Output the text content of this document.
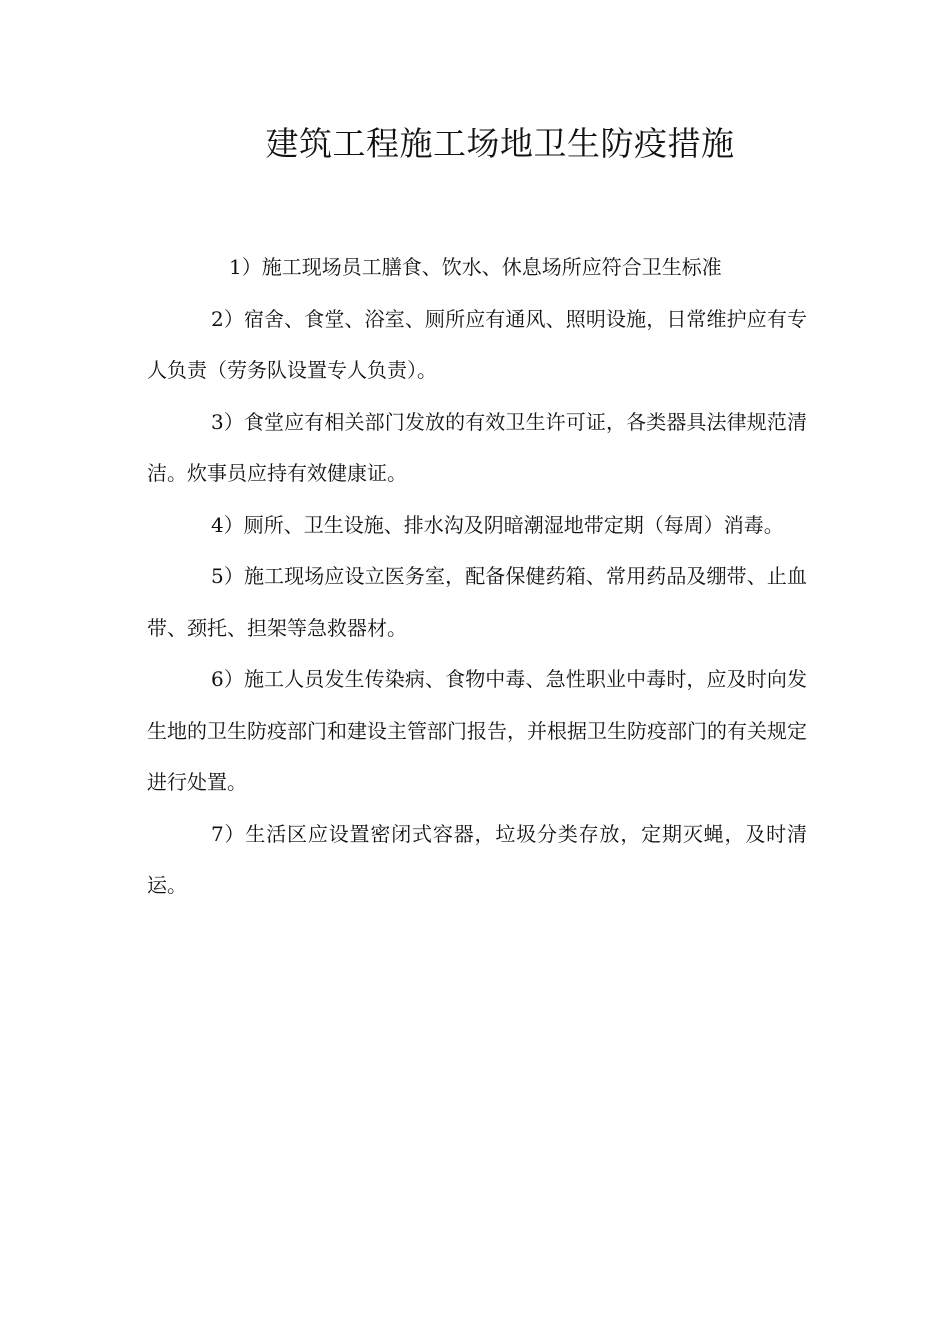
建筑工程施工场地卫生防疫措施

1）施工现场员工膳食、饮水、休息场所应符合卫生标准

2）宿舍、食堂、浴室、厕所应有通风、照明设施，日常维护应有专人负责（劳务队设置专人负责）。

3）食堂应有相关部门发放的有效卫生许可证，各类器具法律规范清洁。炊事员应持有效健康证。

4）厕所、卫生设施、排水沟及阴暗潮湿地带定期（每周）消毒。

5）施工现场应设立医务室，配备保健药箱、常用药品及绷带、止血带、颈托、担架等急救器材。

6）施工人员发生传染病、食物中毒、急性职业中毒时，应及时向发生地的卫生防疫部门和建设主管部门报告，并根据卫生防疫部门的有关规定进行处置。

7）生活区应设置密闭式容器，垃圾分类存放，定期灭蝇，及时清运。
